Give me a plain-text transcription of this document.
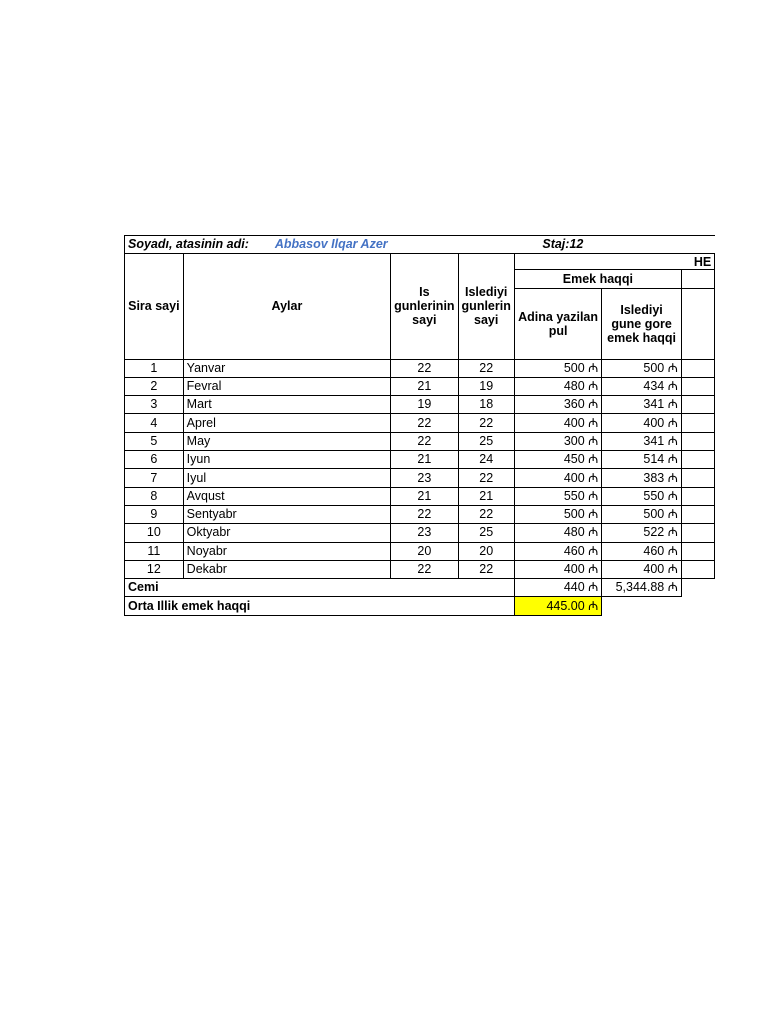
Soyadı, atasinin adi: Abbasov Ilqar Azer				Staj:12		
Sira sayi	Aylar	Is gunlerinin sayi	Islediyi gunlerin sayi	HE		
				Emek haqqi		
				Adina yazilan pul	Islediyi gune gore emek haqqi	
1	Yanvar	22	22	500 ₼	500 ₼	
2	Fevral	21	19	480 ₼	434 ₼	
3	Mart	19	18	360 ₼	341 ₼	
4	Aprel	22	22	400 ₼	400 ₼	
5	May	22	25	300 ₼	341 ₼	
6	Iyun	21	24	450 ₼	514 ₼	
7	Iyul	23	22	400 ₼	383 ₼	
8	Avqust	21	21	550 ₼	550 ₼	
9	Sentyabr	22	22	500 ₼	500 ₼	
10	Oktyabr	23	25	480 ₼	522 ₼	
11	Noyabr	20	20	460 ₼	460 ₼	
12	Dekabr	22	22	400 ₼	400 ₼	
Cemi				440 ₼	5,344.88 ₼	
Orta Illik emek haqqi				445.00 ₼		
